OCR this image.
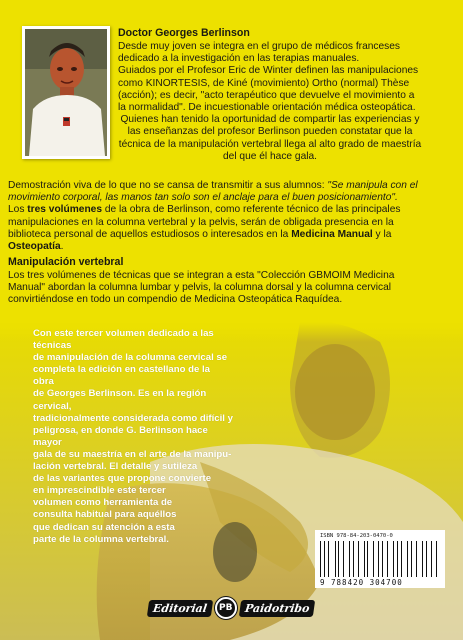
Doctor Georges Berlinson

Desde muy joven se integra en el grupo de médicos franceses dedicado a la investigación en las terapias manuales.

Guiados por el Profesor Eric de Winter definen las manipulaciones como KINORTESIS, de Kiné (movimiento) Ortho (normal) Thèse (acción); es decir, "acto terapéutico que devuelve el movimiento a la normalidad". De incuestionable orientación médica osteopática.

Quienes han tenido la oportunidad de compartir las experiencias y las enseñanzas del profesor Berlinson pueden constatar que la técnica de la manipulación vertebral llega al alto grado de maestría del que él hace gala.

Demostración viva de lo que no se cansa de transmitir a sus alumnos: "Se manipula con el movimiento corporal, las manos tan solo son el anclaje para el buen posicionamiento".

Los tres volúmenes de la obra de Berlinson, como referente técnico de las principales manipulaciones en la columna vertebral y la pelvis, serán de obligada presencia en la biblioteca personal de aquellos estudiosos o interesados en la Medicina Manual y la Osteopatía.

Manipulación vertebral
Los tres volúmenes de técnicas que se integran a esta "Colección GBMOIM Medicina Manual" abordan la columna lumbar y pelvis, la columna dorsal y la columna cervical convirtiéndose en todo un compendio de Medicina Osteopática Raquídea.
Con este tercer volumen dedicado a las técnicas
de manipulación de la columna cervical se
completa la edición en castellano de la obra
de Georges Berlinson. Es en la región cervical,
tradicionalmente considerada como difícil y
peligrosa, en donde G. Berlinson hace mayor
gala de su maestría en el arte de la manipu-
lación vertebral. El detalle y sutileza
de las variantes que propone convierte
en imprescindible este tercer
volumen como herramienta de
consulta habitual para aquéllos
que dedican su atención a esta
parte de la columna vertebral.	ISBN 978-84-203-0470-0
9 788420 304700
Editorial	PB	Paidotribo
